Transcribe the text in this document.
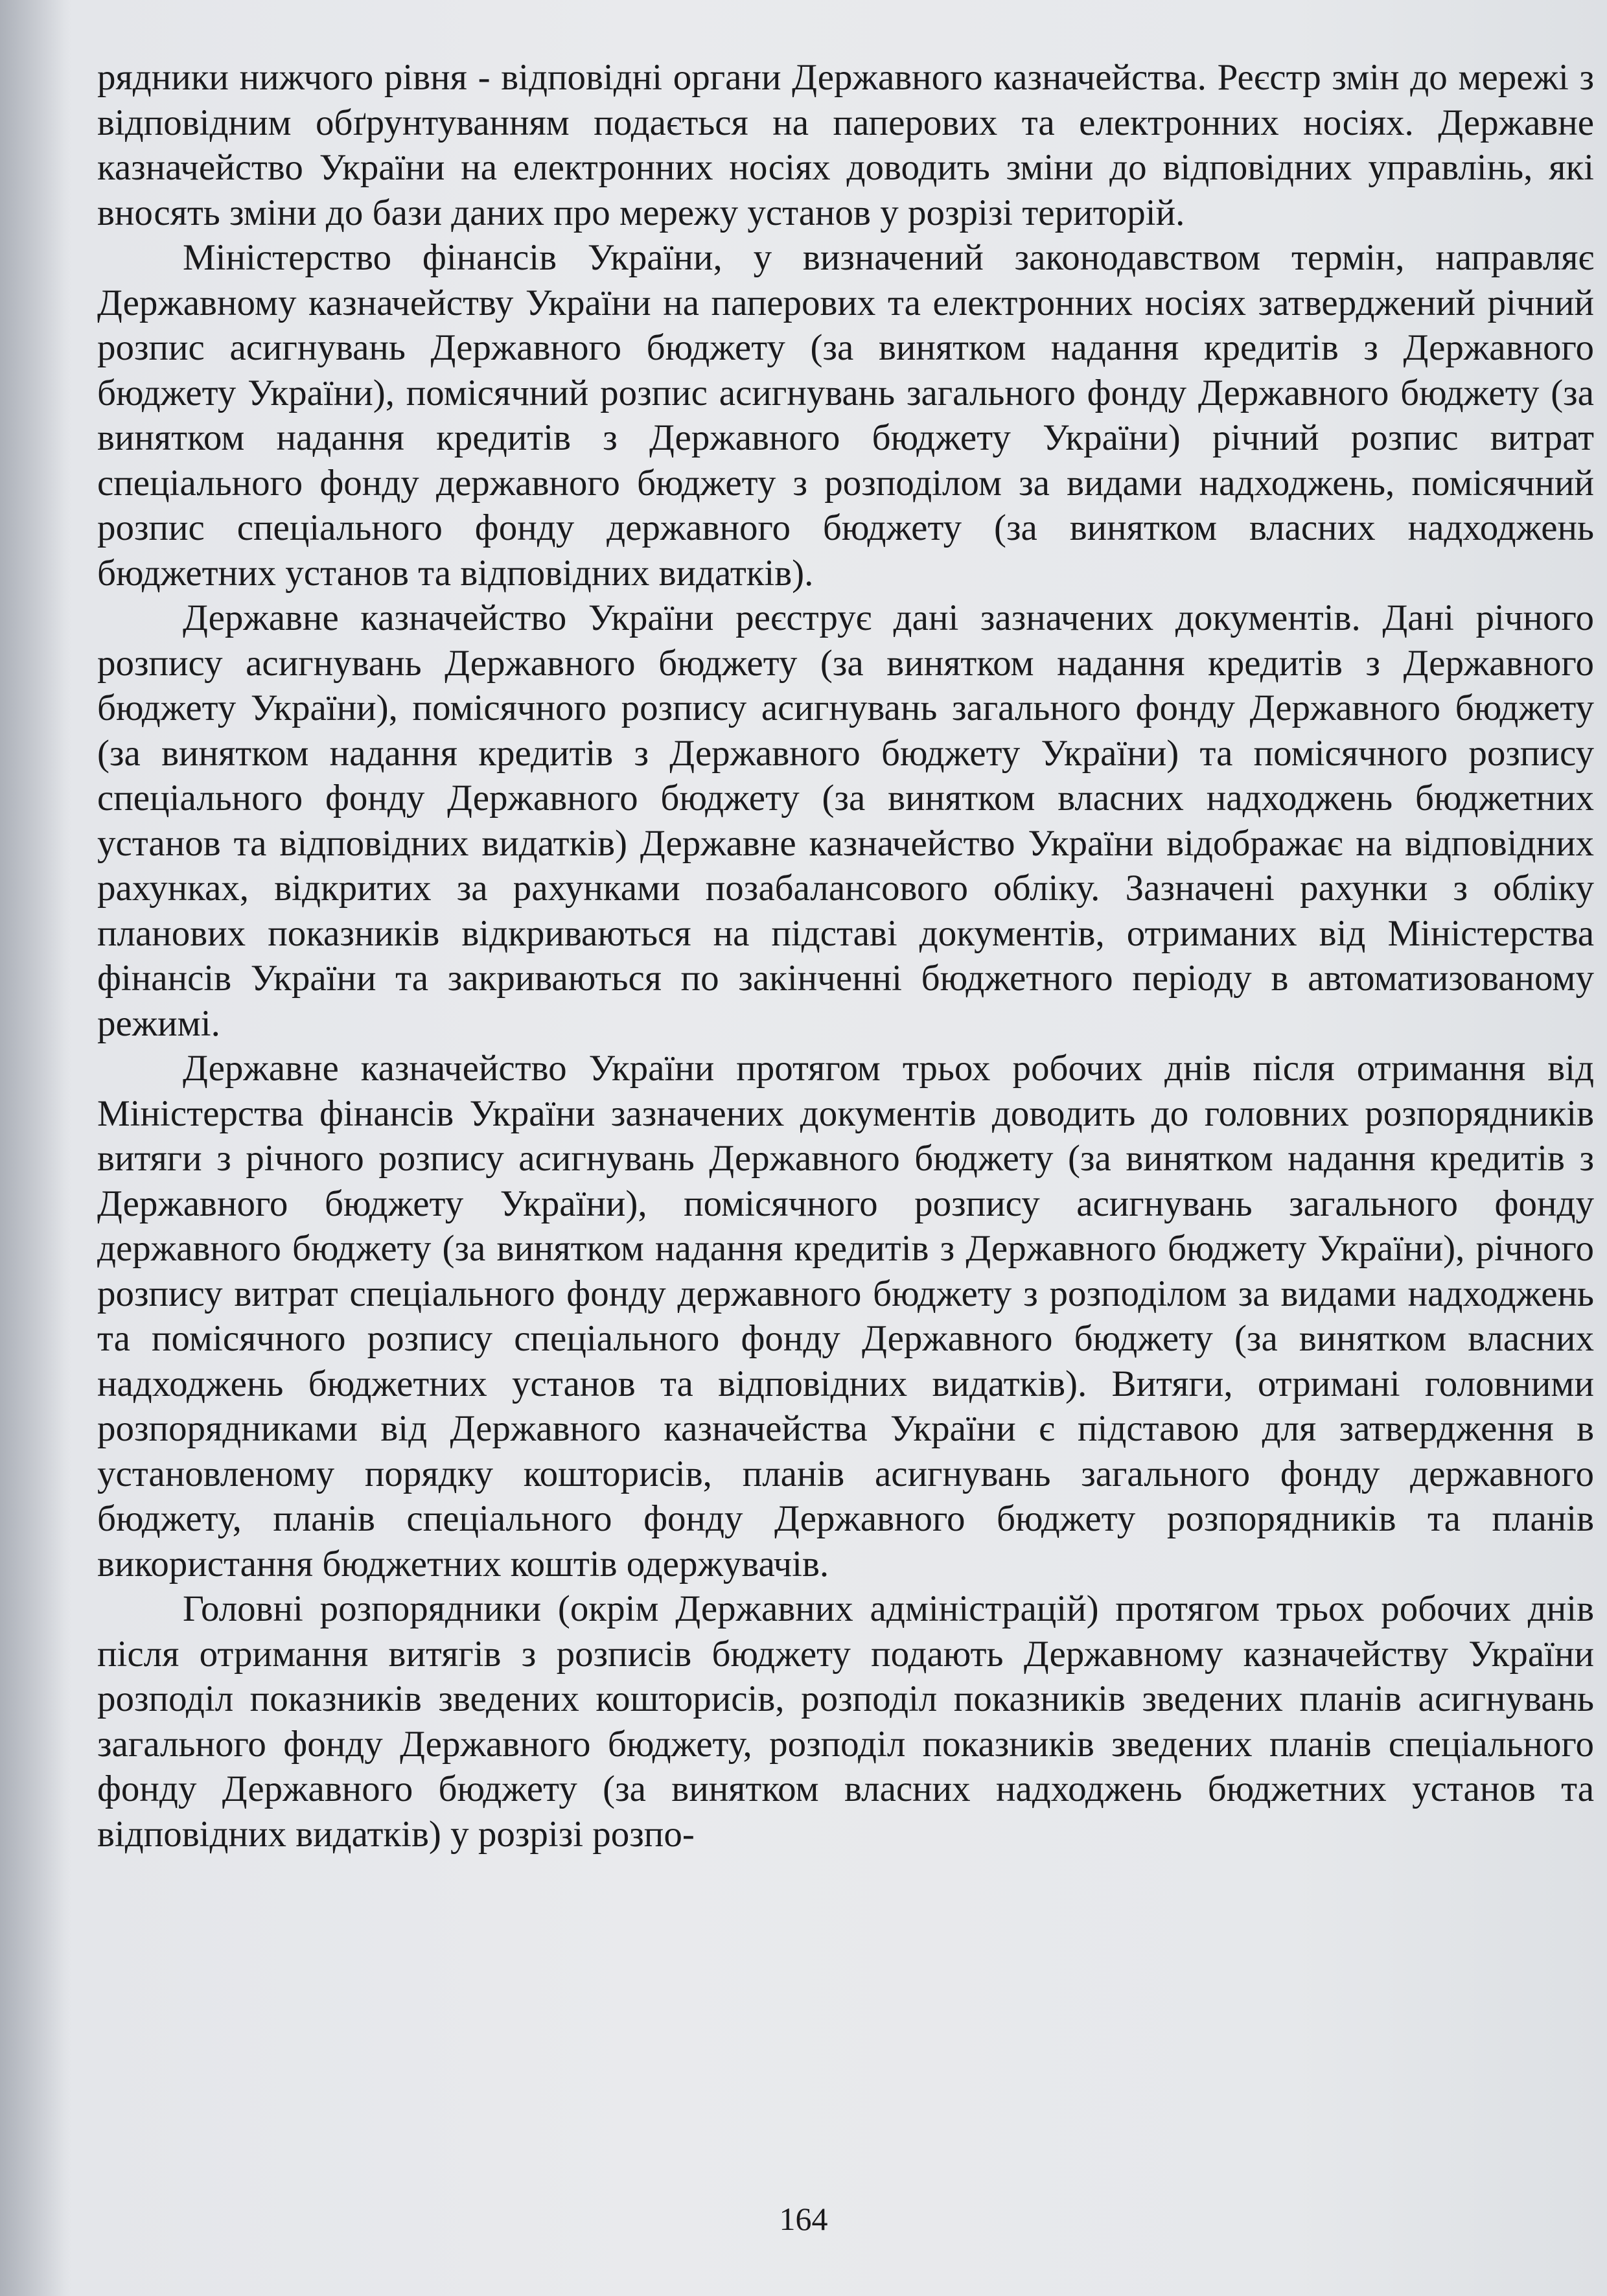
рядники нижчого рівня - відповідні органи Державного казначейства. Реєстр змін до мережі з відповідним обґрунтуванням подається на паперових та електронних носіях. Державне казначейство України на електронних носіях доводить зміни до відповідних управлінь, які вносять зміни до бази даних про мережу установ у розрізі територій.

Міністерство фінансів України, у визначений законодавством термін, направляє Державному казначейству України на паперових та електронних носіях затверджений річний розпис асигнувань Державного бюджету (за винятком надання кредитів з Державного бюджету України), помісячний розпис асигнувань загального фонду Державного бюджету (за винятком надання кредитів з Державного бюджету України) річний розпис витрат спеціального фонду державного бюджету з розподілом за видами надходжень, помісячний розпис спеціального фонду державного бюджету (за винятком власних надходжень бюджетних установ та відповідних видатків).

Державне казначейство України реєструє дані зазначених документів. Дані річного розпису асигнувань Державного бюджету (за винятком надання кредитів з Державного бюджету України), помісячного розпису асигнувань загального фонду Державного бюджету (за винятком надання кредитів з Державного бюджету України) та помісячного розпису спеціального фонду Державного бюджету (за винятком власних надходжень бюджетних установ та відповідних видатків) Державне казначейство України відображає на відповідних рахунках, відкритих за рахунками позабалансового обліку. Зазначені рахунки з обліку планових показників відкриваються на підставі документів, отриманих від Міністерства фінансів України та закриваються по закінченні бюджетного періоду в автоматизованому режимі.

Державне казначейство України протягом трьох робочих днів після отримання від Міністерства фінансів України зазначених документів доводить до головних розпорядників витяги з річного розпису асигнувань Державного бюджету (за винятком надання кредитів з Державного бюджету України), помісячного розпису асигнувань загального фонду державного бюджету (за винятком надання кредитів з Державного бюджету України), річного розпису витрат спеціального фонду державного бюджету з розподілом за видами надходжень та помісячного розпису спеціального фонду Державного бюджету (за винятком власних надходжень бюджетних установ та відповідних видатків). Витяги, отримані головними розпорядниками від Державного казначейства України є підставою для затвердження в установленому порядку кошторисів, планів асигнувань загального фонду державного бюджету, планів спеціального фонду Державного бюджету розпорядників та планів використання бюджетних коштів одержувачів.

Головні розпорядники (окрім Державних адміністрацій) протягом трьох робочих днів після отримання витягів з розписів бюджету подають Державному казначейству України розподіл показників зведених кошторисів, розподіл показників зведених планів асигнувань загального фонду Державного бюджету, розподіл показників зведених планів спеціального фонду Державного бюджету (за винятком власних надходжень бюджетних установ та відповідних видатків) у розрізі розпо-

164
